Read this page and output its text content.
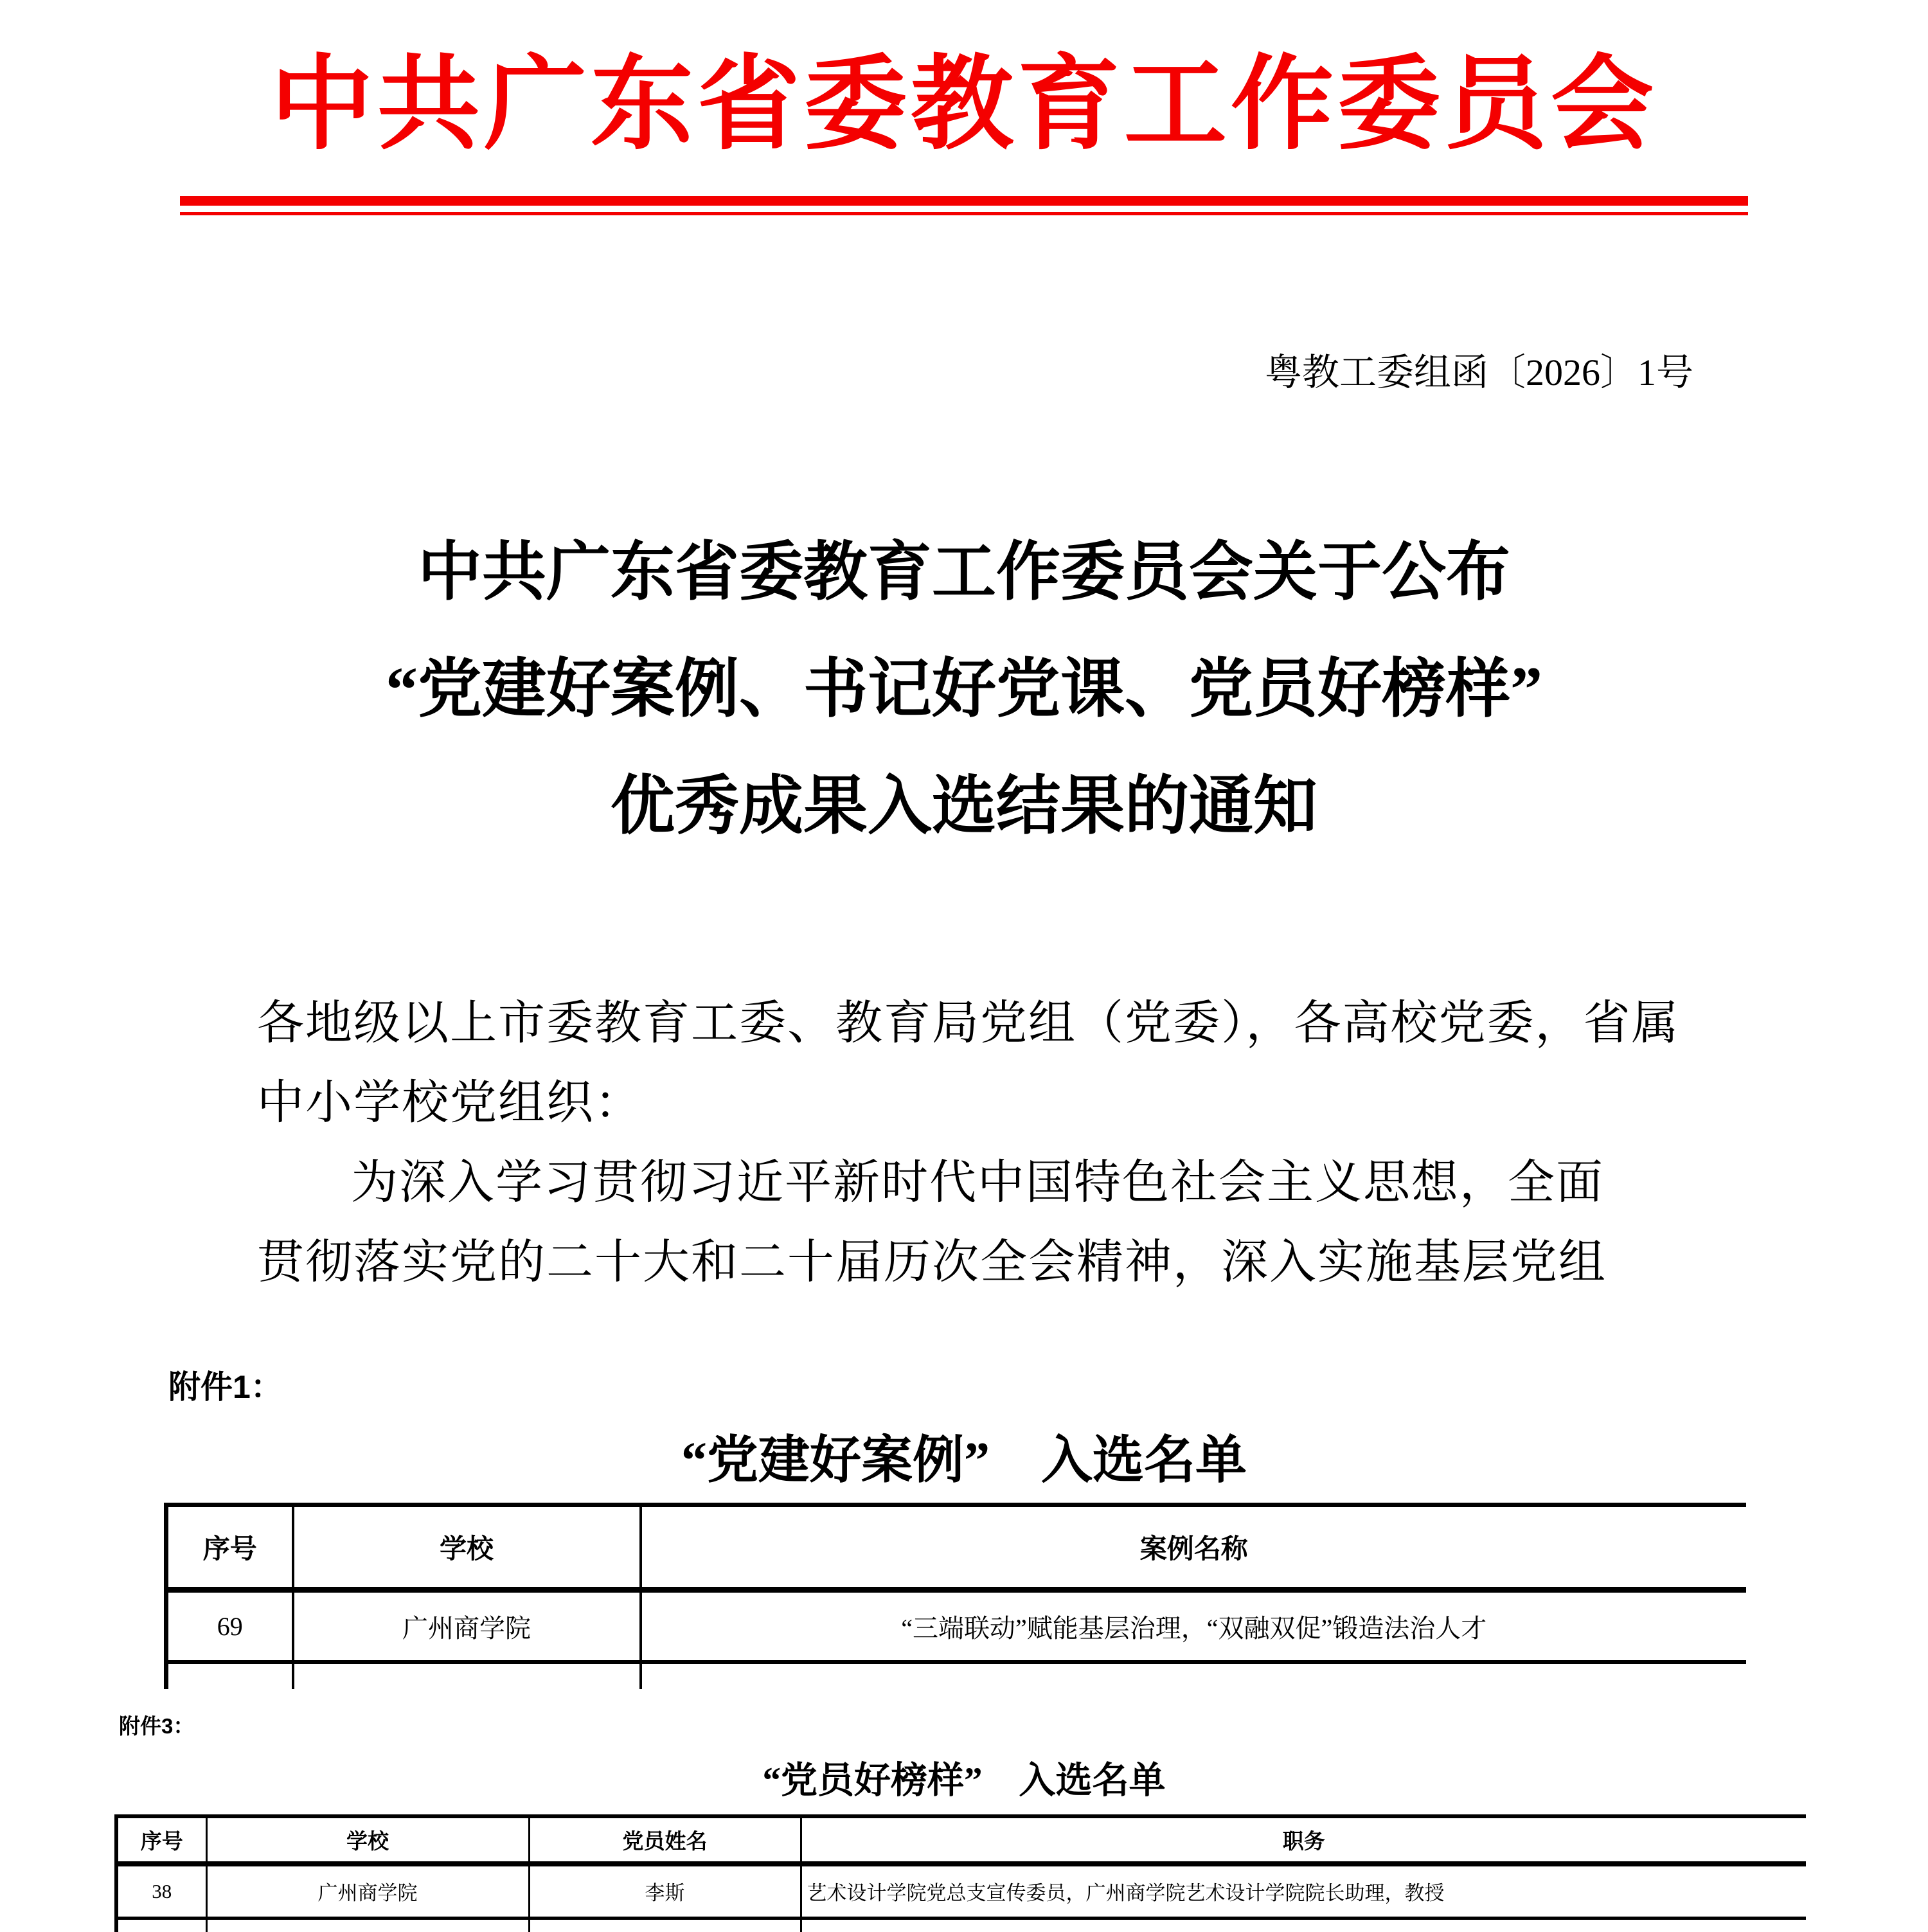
中共广东省委教育工作委员会
粤教工委组函〔2026〕1号
中共广东省委教育工作委员会关于公布
“党建好案例、书记好党课、党员好榜样”
优秀成果入选结果的通知
各地级以上市委教育工委、教育局党组（党委），各高校党委，省属
中小学校党组织：
为深入学习贯彻习近平新时代中国特色社会主义思想，全面
贯彻落实党的二十大和二十届历次全会精神，深入实施基层党组
附件1：
“党建好案例”　入选名单
序号	学校	案例名称
69	广州商学院	“三端联动”赋能基层治理，“双融双促”锻造法治人才

附件3：
“党员好榜样”　入选名单
序号	学校	党员姓名	职务
38	广州商学院	李斯	艺术设计学院党总支宣传委员，广州商学院艺术设计学院院长助理，教授
